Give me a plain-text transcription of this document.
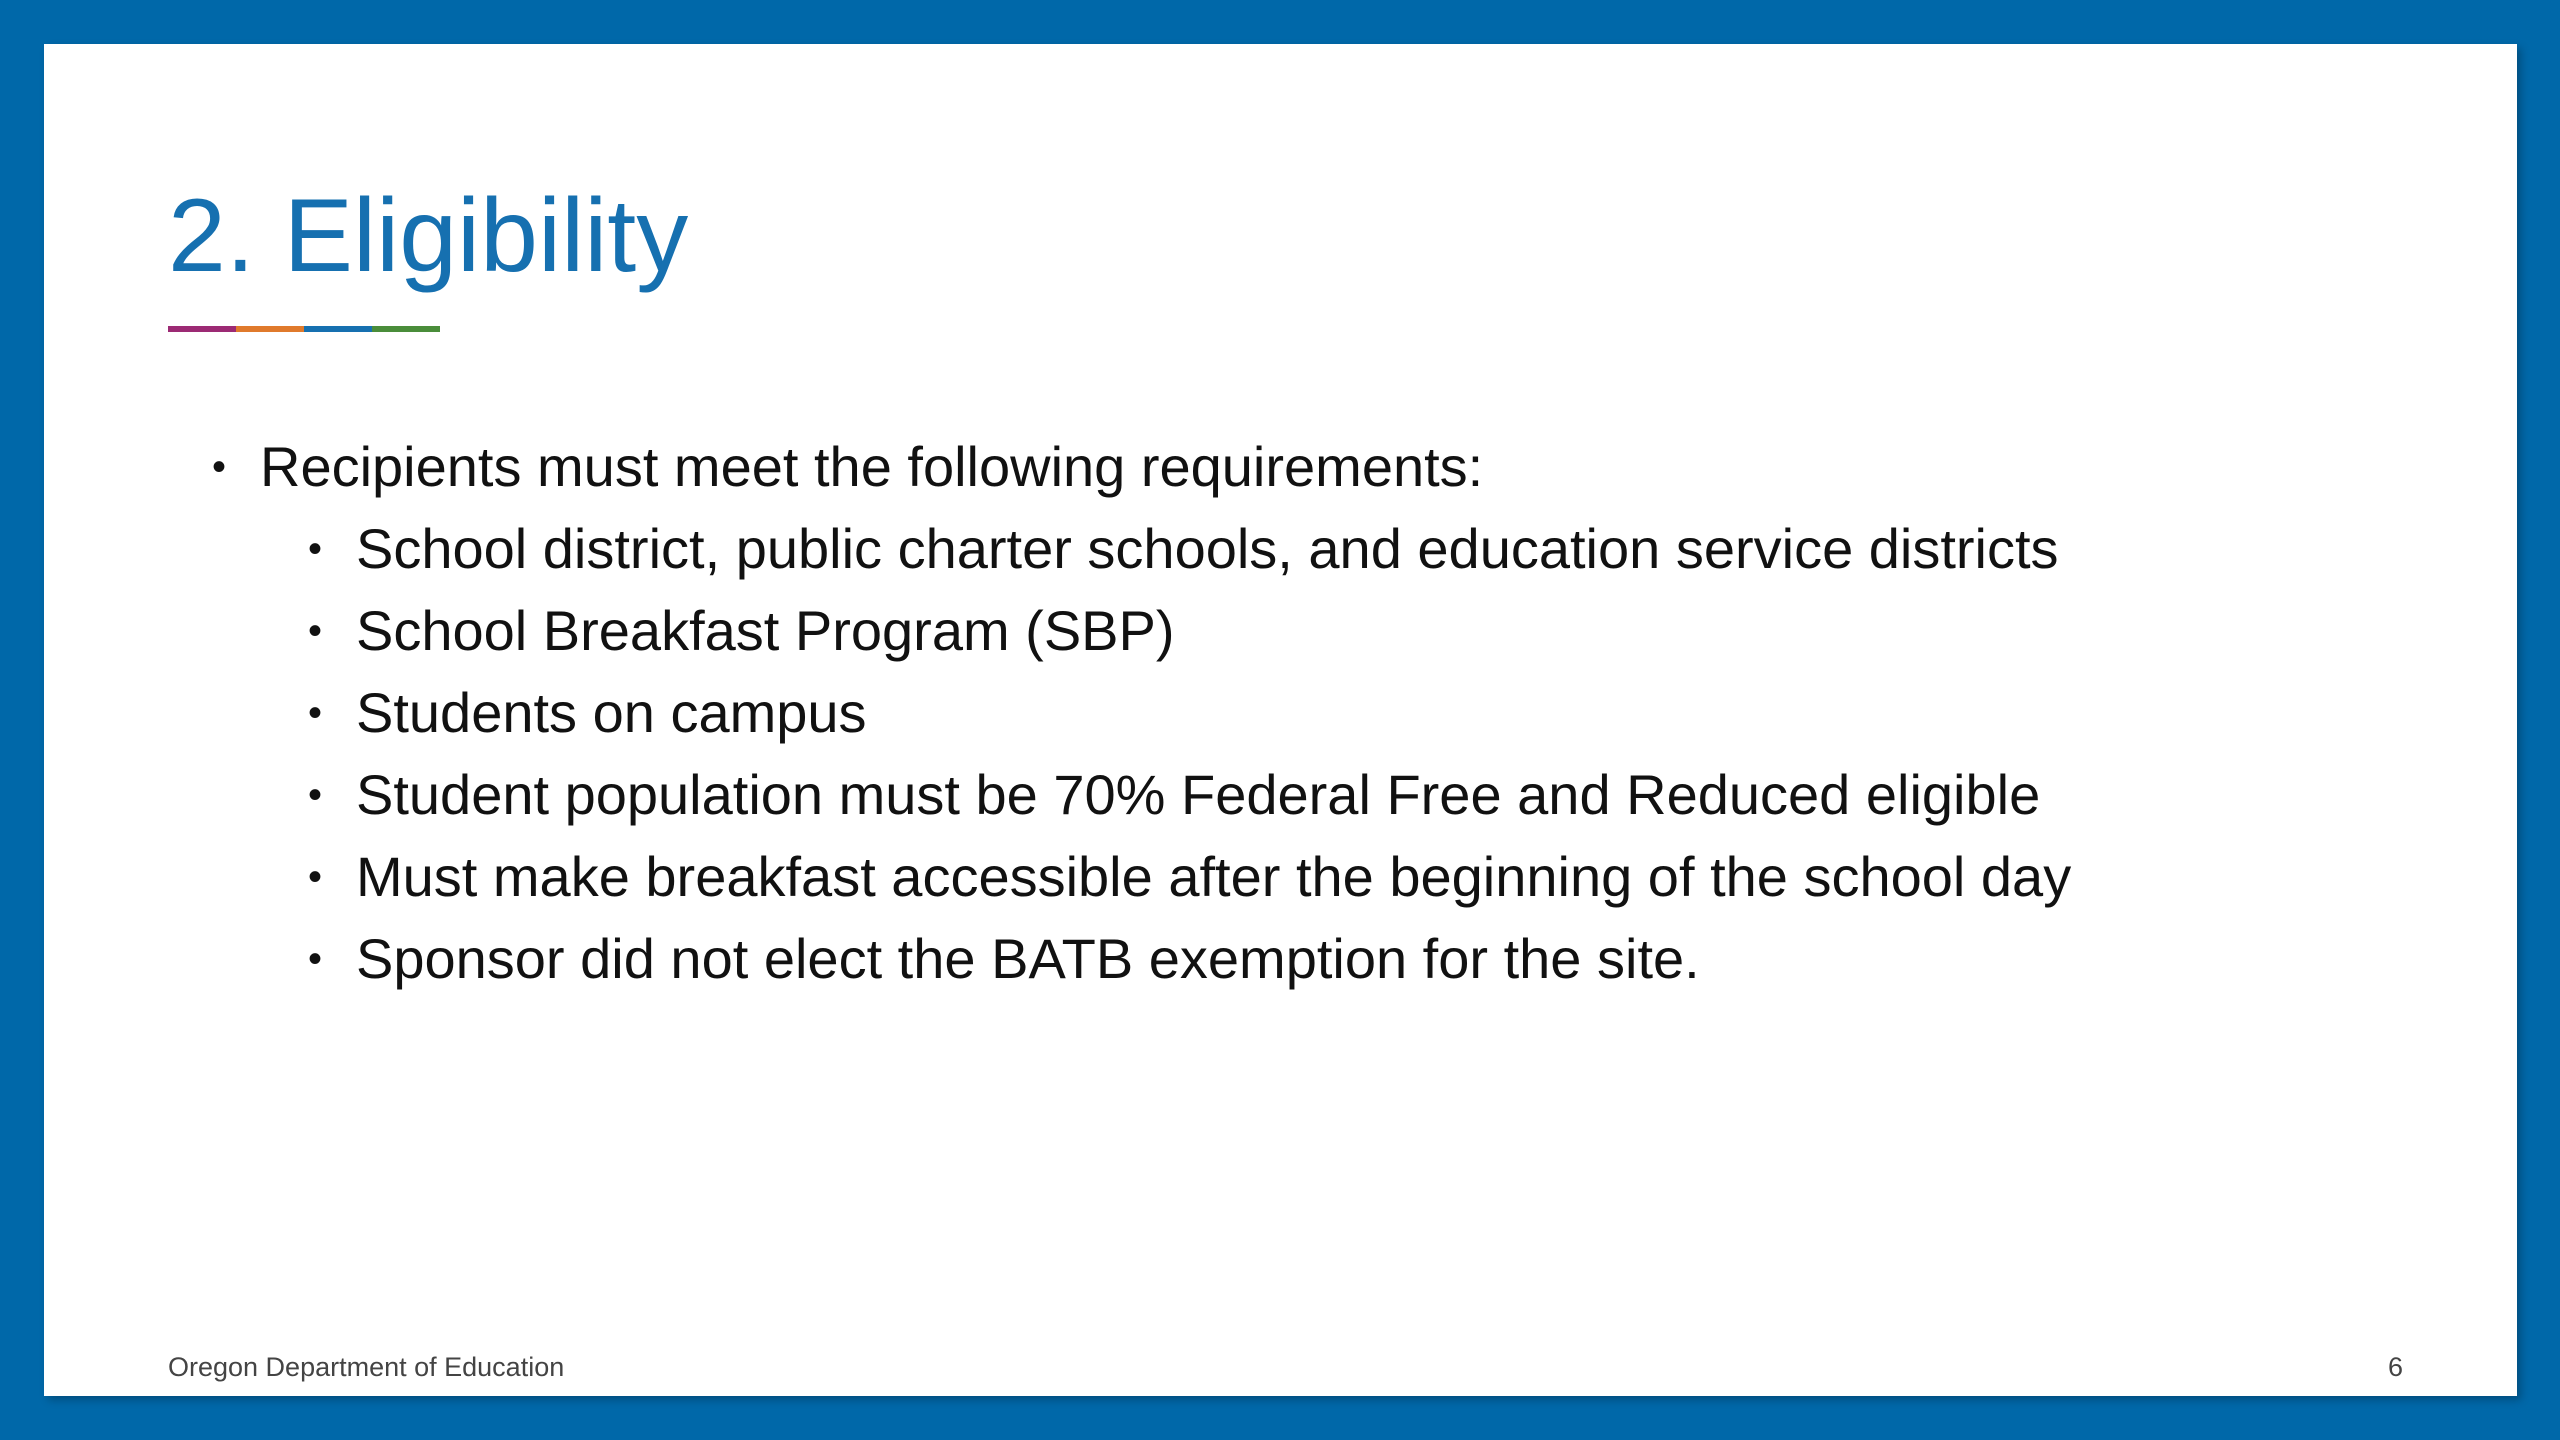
2. Eligibility
• Recipients must meet the following requirements:
• School district, public charter schools, and education service districts
• School Breakfast Program (SBP)
• Students on campus
• Student population must be 70% Federal Free and Reduced eligible
• Must make breakfast accessible after the beginning of the school day
• Sponsor did not elect the BATB exemption for the site.
Oregon Department of Education	6
